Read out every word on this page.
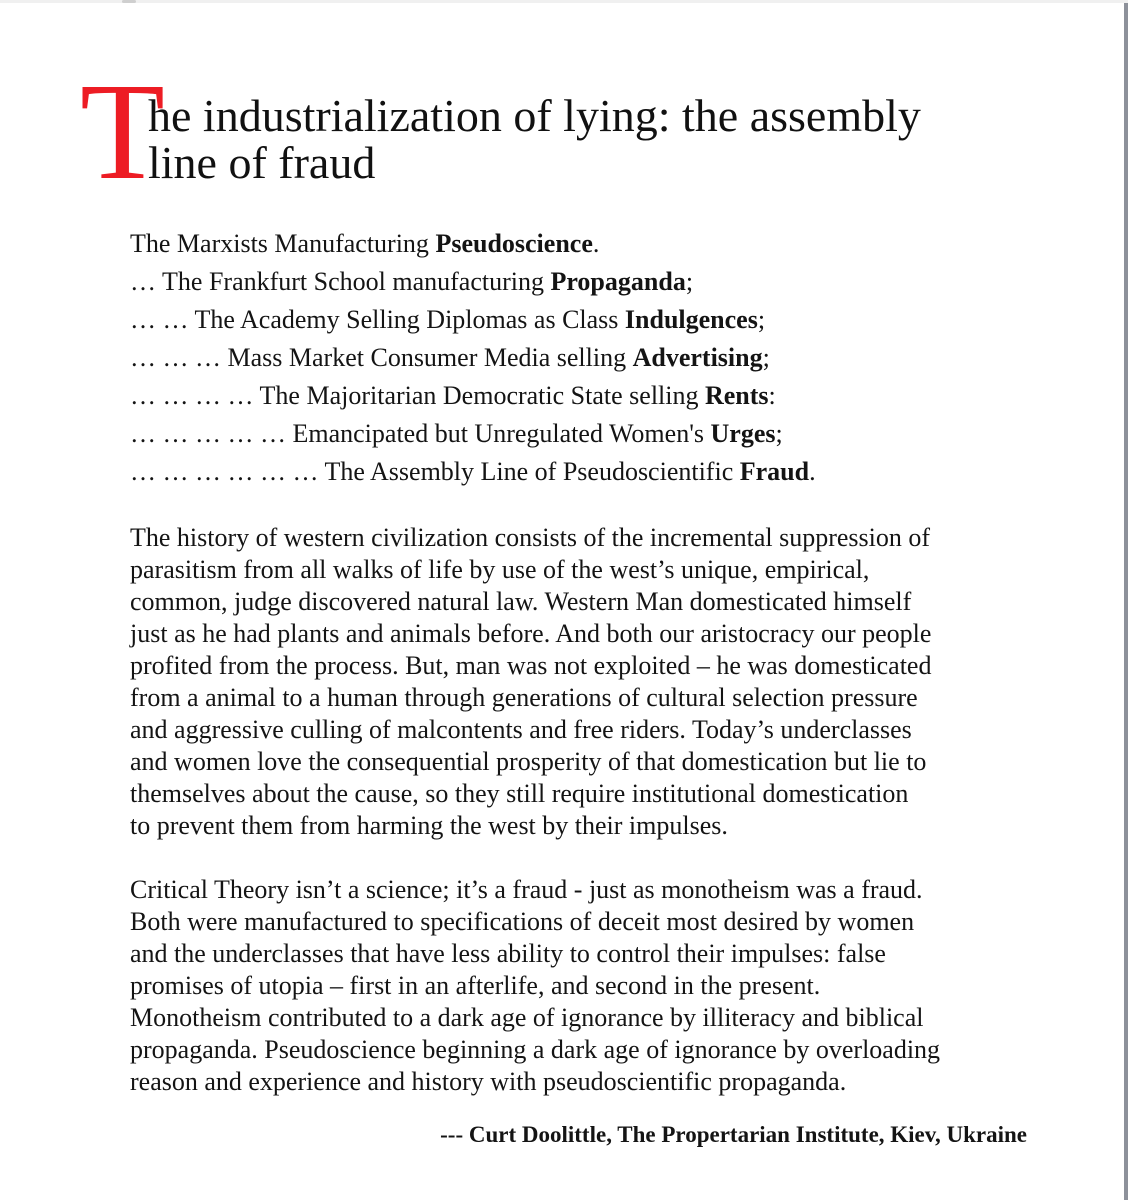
T
he industrialization of lying: the assembly
line of fraud
The Marxists Manufacturing Pseudoscience.
… The Frankfurt School manufacturing Propaganda;
… … The Academy Selling Diplomas as Class Indulgences;
… … … Mass Market Consumer Media selling Advertising;
… … … … The Majoritarian Democratic State selling Rents:
… … … … … Emancipated but Unregulated Women's Urges;
… … … … … … The Assembly Line of Pseudoscientific Fraud.
The history of western civilization consists of the incremental suppression of
parasitism from all walks of life by use of the west’s unique, empirical,
common, judge discovered natural law. Western Man domesticated himself
just as he had plants and animals before. And both our aristocracy our people
profited from the process. But, man was not exploited – he was domesticated
from a animal to a human through generations of cultural selection pressure
and aggressive culling of malcontents and free riders. Today’s underclasses
and women love the consequential prosperity of that domestication but lie to
themselves about the cause, so they still require institutional domestication
to prevent them from harming the west by their impulses.
Critical Theory isn’t a science; it’s a fraud - just as monotheism was a fraud.
Both were manufactured to specifications of deceit most desired by women
and the underclasses that have less ability to control their impulses: false
promises of utopia – first in an afterlife, and second in the present.
Monotheism contributed to a dark age of ignorance by illiteracy and biblical
propaganda. Pseudoscience beginning a dark age of ignorance by overloading
reason and experience and history with pseudoscientific propaganda.
--- Curt Doolittle, The Propertarian Institute, Kiev, Ukraine
